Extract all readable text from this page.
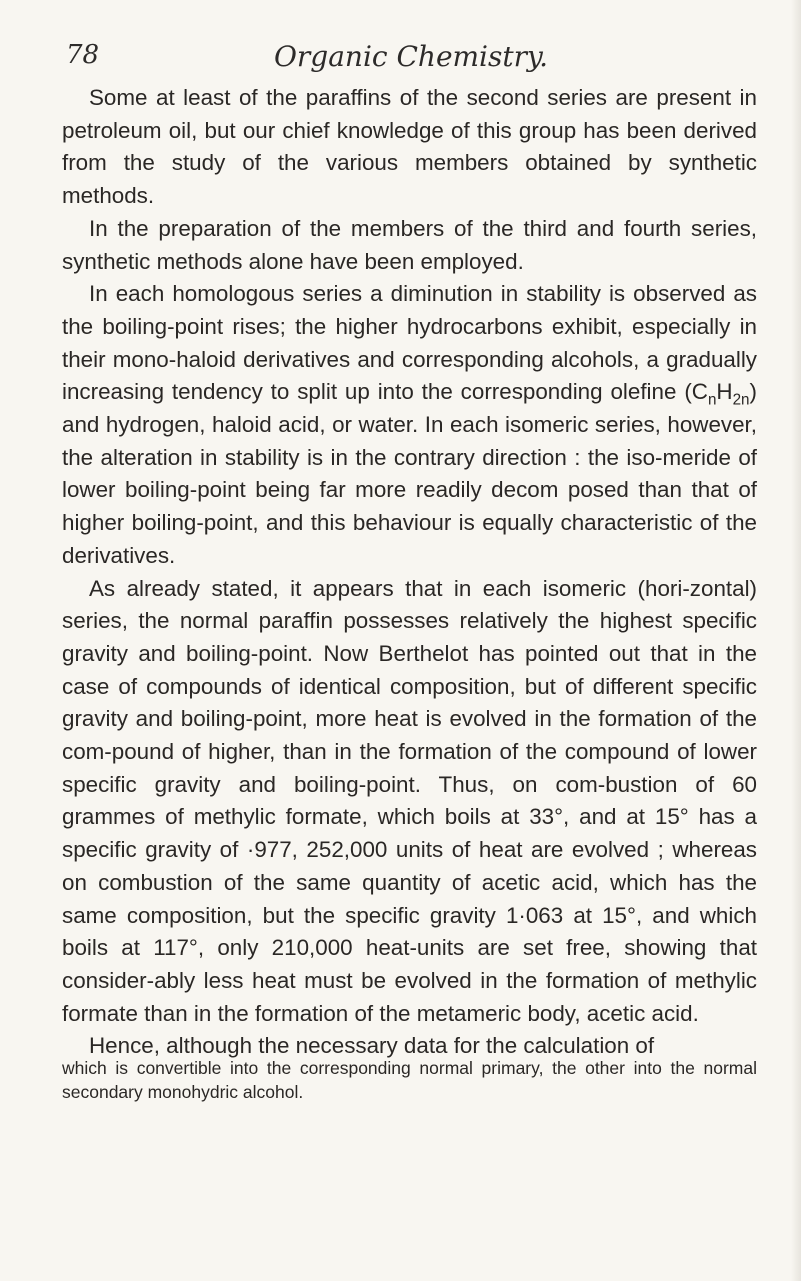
78	Organic Chemistry.

Some at least of the paraffins of the second series are present in petroleum oil, but our chief knowledge of this group has been derived from the study of the various members obtained by synthetic methods.

In the preparation of the members of the third and fourth series, synthetic methods alone have been employed.

In each homologous series a diminution in stability is observed as the boiling-point rises; the higher hydrocarbons exhibit, especially in their mono-haloid derivatives and corresponding alcohols, a gradually increasing tendency to split up into the corresponding olefine $(C_nH_{2n})$ and hydrogen, haloid acid, or water. In each isomeric series, however, the alteration in stability is in the contrary direction : the iso-meride of lower boiling-point being far more readily decom posed than that of higher boiling-point, and this behaviour is equally characteristic of the derivatives.

As already stated, it appears that in each isomeric (hori-zontal) series, the normal paraffin possesses relatively the highest specific gravity and boiling-point. Now Berthelot has pointed out that in the case of compounds of identical composition, but of different specific gravity and boiling-point, more heat is evolved in the formation of the com-pound of higher, than in the formation of the compound of lower specific gravity and boiling-point. Thus, on com-bustion of 60 grammes of methylic formate, which boils at 33°, and at 15° has a specific gravity of ·977, 252,000 units of heat are evolved ; whereas on combustion of the same quantity of acetic acid, which has the same composition, but the specific gravity 1·063 at 15°, and which boils at 117°, only 210,000 heat-units are set free, showing that consider-ably less heat must be evolved in the formation of methylic formate than in the formation of the metameric body, acetic acid.

Hence, although the necessary data for the calculation of

which is convertible into the corresponding normal primary, the other into the normal secondary monohydric alcohol.
